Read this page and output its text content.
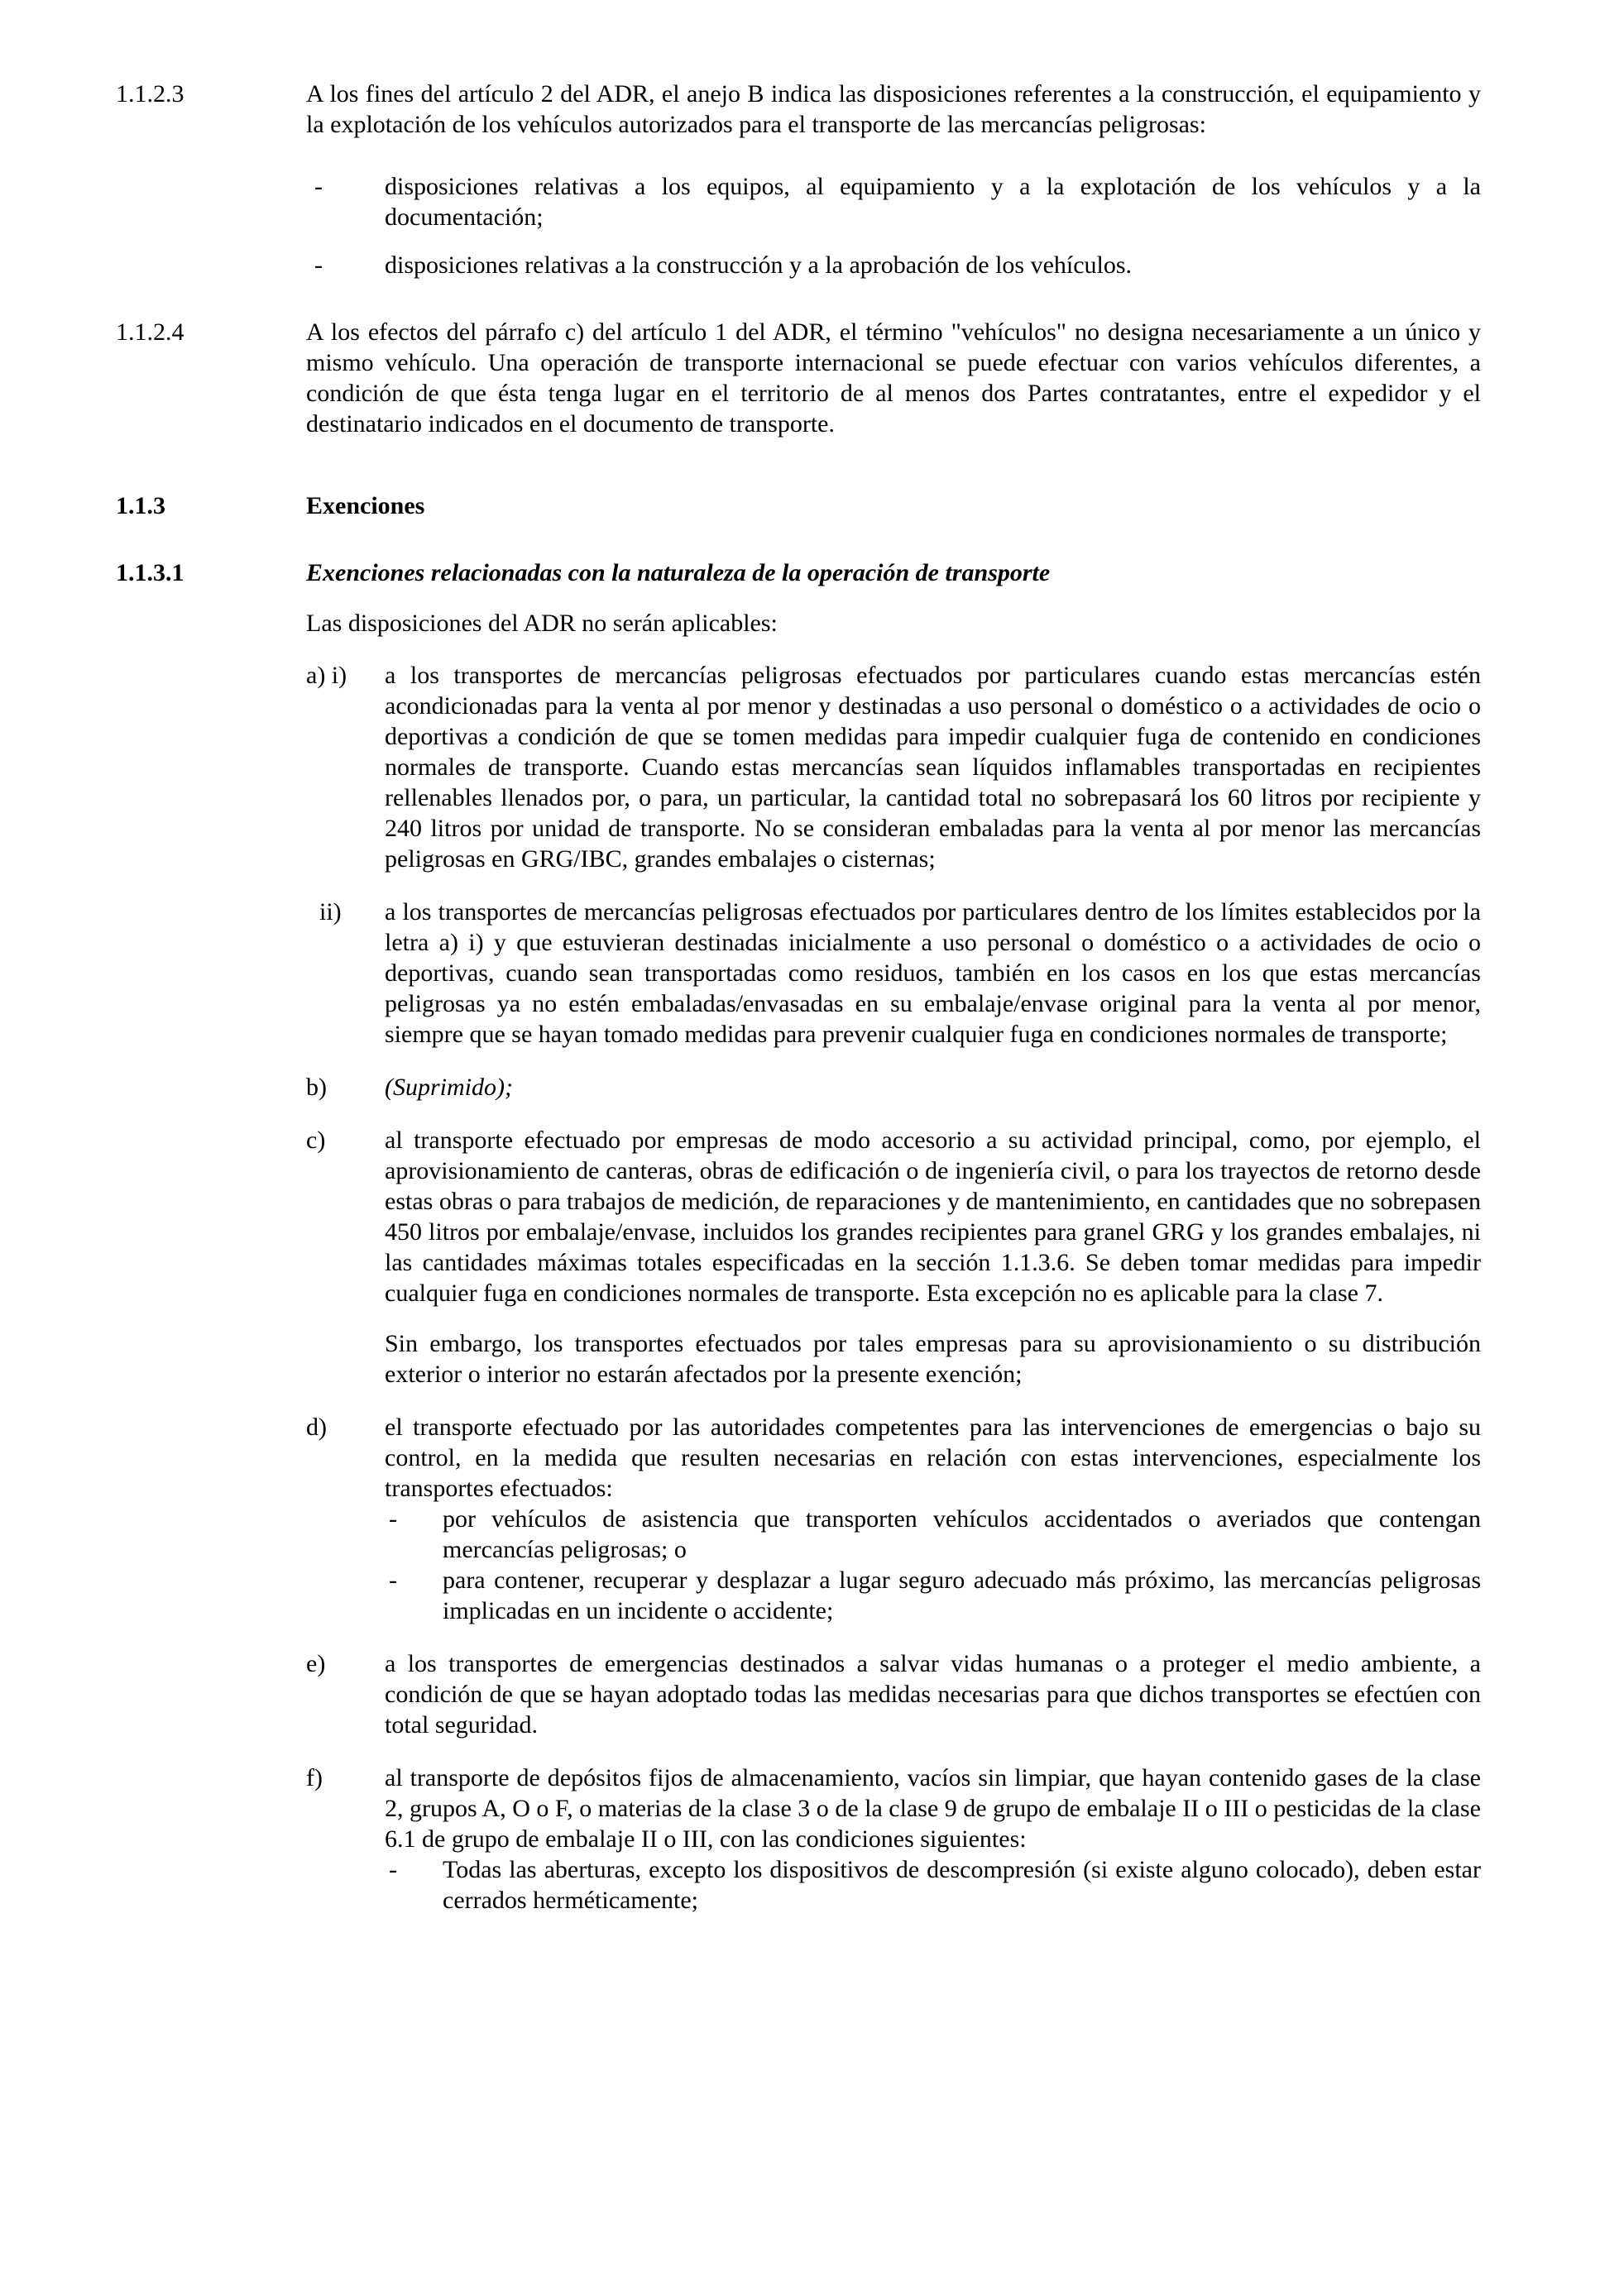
1.1.2.3	A los fines del artículo 2 del ADR, el anejo B indica las disposiciones referentes a la construcción, el equipamiento y la explotación de los vehículos autorizados para el transporte de las mercancías peligrosas:

-	disposiciones relativas a los equipos, al equipamiento y a la explotación de los vehículos y a la documentación;
-	disposiciones relativas a la construcción y a la aprobación de los vehículos.
1.1.2.4	A los efectos del párrafo c) del artículo 1 del ADR, el término "vehículos" no designa necesariamente a un único y mismo vehículo. Una operación de transporte internacional se puede efectuar con varios vehículos diferentes, a condición de que ésta tenga lugar en el territorio de al menos dos Partes contratantes, entre el expedidor y el destinatario indicados en el documento de transporte.

1.1.3	Exenciones
1.1.3.1	Exenciones relacionadas con la naturaleza de la operación de transporte

Las disposiciones del ADR no serán aplicables:

a) i)	a los transportes de mercancías peligrosas efectuados por particulares cuando estas mercancías estén acondicionadas para la venta al por menor y destinadas a uso personal o doméstico o a actividades de ocio o deportivas a condición de que se tomen medidas para impedir cualquier fuga de contenido en condiciones normales de transporte. Cuando estas mercancías sean líquidos inflamables transportadas en recipientes rellenables llenados por, o para, un particular, la cantidad total no sobrepasará los 60 litros por recipiente y 240 litros por unidad de transporte. No se consideran embaladas para la venta al por menor las mercancías peligrosas en GRG/IBC, grandes embalajes o cisternas;
ii)	a los transportes de mercancías peligrosas efectuados por particulares dentro de los límites establecidos por la letra a) i) y que estuvieran destinadas inicialmente a uso personal o doméstico o a actividades de ocio o deportivas, cuando sean transportadas como residuos, también en los casos en los que estas mercancías peligrosas ya no estén embaladas/envasadas en su embalaje/envase original para la venta al por menor, siempre que se hayan tomado medidas para prevenir cualquier fuga en condiciones normales de transporte;
b)	(Suprimido);
c)	al transporte efectuado por empresas de modo accesorio a su actividad principal, como, por ejemplo, el aprovisionamiento de canteras, obras de edificación o de ingeniería civil, o para los trayectos de retorno desde estas obras o para trabajos de medición, de reparaciones y de mantenimiento, en cantidades que no sobrepasen 450 litros por embalaje/envase, incluidos los grandes recipientes para granel GRG y los grandes embalajes, ni las cantidades máximas totales especificadas en la sección 1.1.3.6. Se deben tomar medidas para impedir cualquier fuga en condiciones normales de transporte. Esta excepción no es aplicable para la clase 7.

Sin embargo, los transportes efectuados por tales empresas para su aprovisionamiento o su distribución exterior o interior no estarán afectados por la presente exención;

d)	el transporte efectuado por las autoridades competentes para las intervenciones de emergencias o bajo su control, en la medida que resulten necesarias en relación con estas intervenciones, especialmente los transportes efectuados:

-	por vehículos de asistencia que transporten vehículos accidentados o averiados que contengan mercancías peligrosas; o
-	para contener, recuperar y desplazar a lugar seguro adecuado más próximo, las mercancías peligrosas implicadas en un incidente o accidente;
e)	a los transportes de emergencias destinados a salvar vidas humanas o a proteger el medio ambiente, a condición de que se hayan adoptado todas las medidas necesarias para que dichos transportes se efectúen con total seguridad.
f)	al transporte de depósitos fijos de almacenamiento, vacíos sin limpiar, que hayan contenido gases de la clase 2, grupos A, O o F, o materias de la clase 3 o de la clase 9 de grupo de embalaje II o III o pesticidas de la clase 6.1 de grupo de embalaje II o III, con las condiciones siguientes:

-	Todas las aberturas, excepto los dispositivos de descompresión (si existe alguno colocado), deben estar cerrados herméticamente;
